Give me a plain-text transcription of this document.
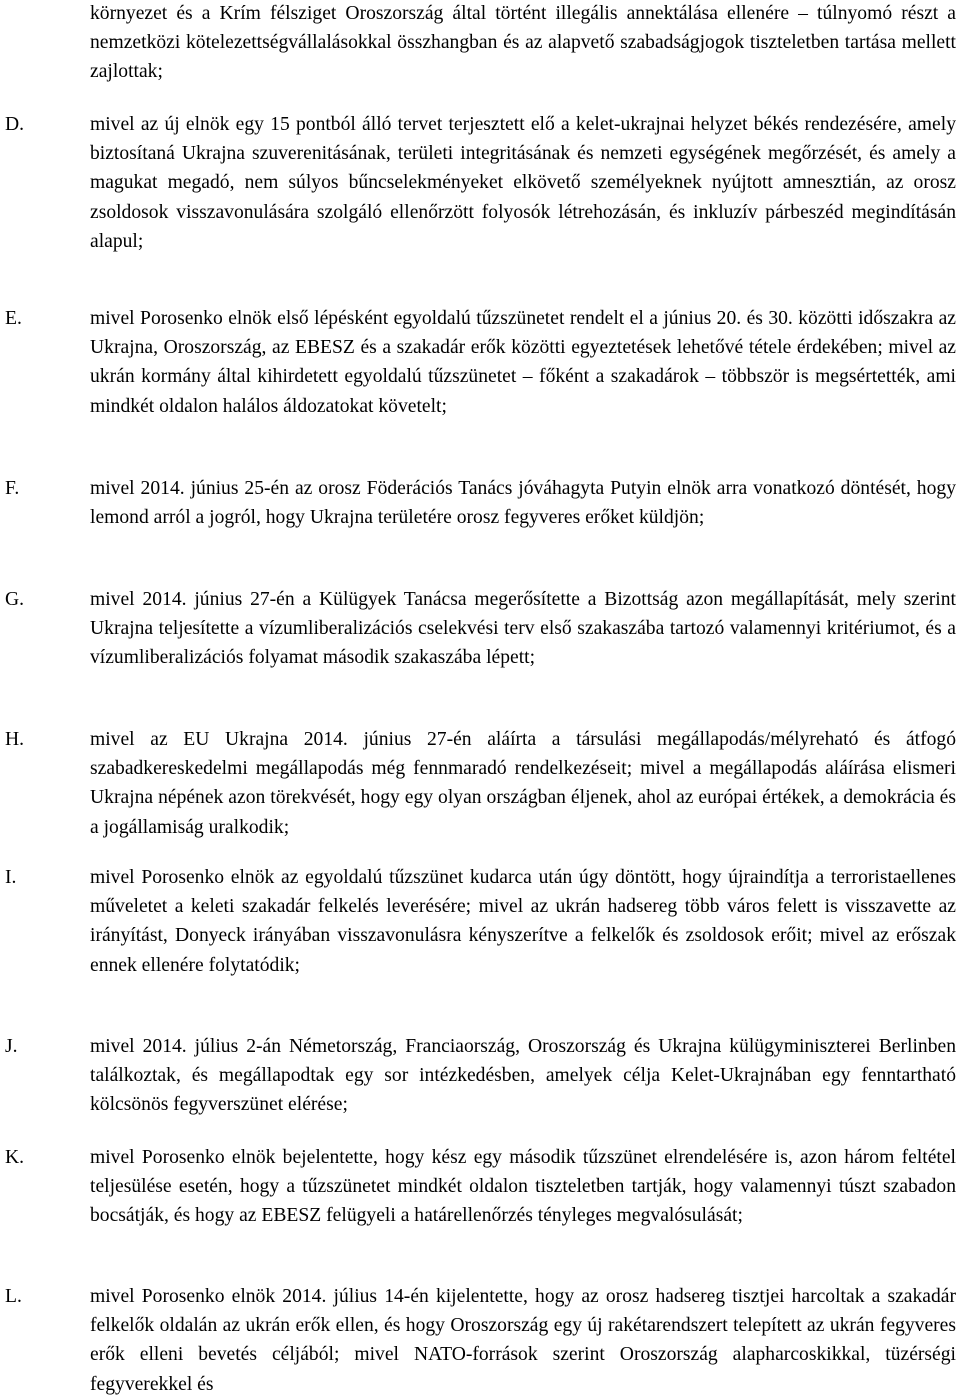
környezet és a Krím félsziget Oroszország által történt illegális annektálása ellenére – túlnyomó részt a nemzetközi kötelezettségvállalásokkal összhangban és az alapvető szabadságjogok tiszteletben tartása mellett zajlottak;

D.	mivel az új elnök egy 15 pontból álló tervet terjesztett elő a kelet-ukrajnai helyzet békés rendezésére, amely biztosítaná Ukrajna szuverenitásának, területi integritásának és nemzeti egységének megőrzését, és amely a magukat megadó, nem súlyos bűncselekményeket elkövető személyeknek nyújtott amnesztián, az orosz zsoldosok visszavonulására szolgáló ellenőrzött folyosók létrehozásán, és inkluzív párbeszéd megindításán alapul;

E.	mivel Porosenko elnök első lépésként egyoldalú tűzszünetet rendelt el a június 20. és 30. közötti időszakra az Ukrajna, Oroszország, az EBESZ és a szakadár erők közötti egyeztetések lehetővé tétele érdekében; mivel az ukrán kormány által kihirdetett egyoldalú tűzszünetet – főként a szakadárok – többször is megsértették, ami mindkét oldalon halálos áldozatokat követelt;

F.	mivel 2014. június 25-én az orosz Föderációs Tanács jóváhagyta Putyin elnök arra vonatkozó döntését, hogy lemond arról a jogról, hogy Ukrajna területére orosz fegyveres erőket küldjön;

G.	mivel 2014. június 27-én a Külügyek Tanácsa megerősítette a Bizottság azon megállapítását, mely szerint Ukrajna teljesítette a vízumliberalizációs cselekvési terv első szakaszába tartozó valamennyi kritériumot, és a vízumliberalizációs folyamat második szakaszába lépett;

H.	mivel az EU Ukrajna 2014. június 27-én aláírta a társulási megállapodás/mélyreható és átfogó szabadkereskedelmi megállapodás még fennmaradó rendelkezéseit; mivel a megállapodás aláírása elismeri Ukrajna népének azon törekvését, hogy egy olyan országban éljenek, ahol az európai értékek, a demokrácia és a jogállamiság uralkodik;

I.	mivel Porosenko elnök az egyoldalú tűzszünet kudarca után úgy döntött, hogy újraindítja a terroristaellenes műveletet a keleti szakadár felkelés leverésére; mivel az ukrán hadsereg több város felett is visszavette az irányítást, Donyeck irányában visszavonulásra kényszerítve a felkelők és zsoldosok erőit; mivel az erőszak ennek ellenére folytatódik;

J.	mivel 2014. július 2-án Németország, Franciaország, Oroszország és Ukrajna külügyminiszterei Berlinben találkoztak, és megállapodtak egy sor intézkedésben, amelyek célja Kelet-Ukrajnában egy fenntartható kölcsönös fegyverszünet elérése;

K.	mivel Porosenko elnök bejelentette, hogy kész egy második tűzszünet elrendelésére is, azon három feltétel teljesülése esetén, hogy a tűzszünetet mindkét oldalon tiszteletben tartják, hogy valamennyi túszt szabadon bocsátják, és hogy az EBESZ felügyeli a határellenőrzés tényleges megvalósulását;

L.	mivel Porosenko elnök 2014. július 14-én kijelentette, hogy az orosz hadsereg tisztjei harcoltak a szakadár felkelők oldalán az ukrán erők ellen, és hogy Oroszország egy új rakétarendszert telepített az ukrán fegyveres erők elleni bevetés céljából; mivel NATO-források szerint Oroszország alapharcoskikkal, tüzérségi fegyverekkel és
